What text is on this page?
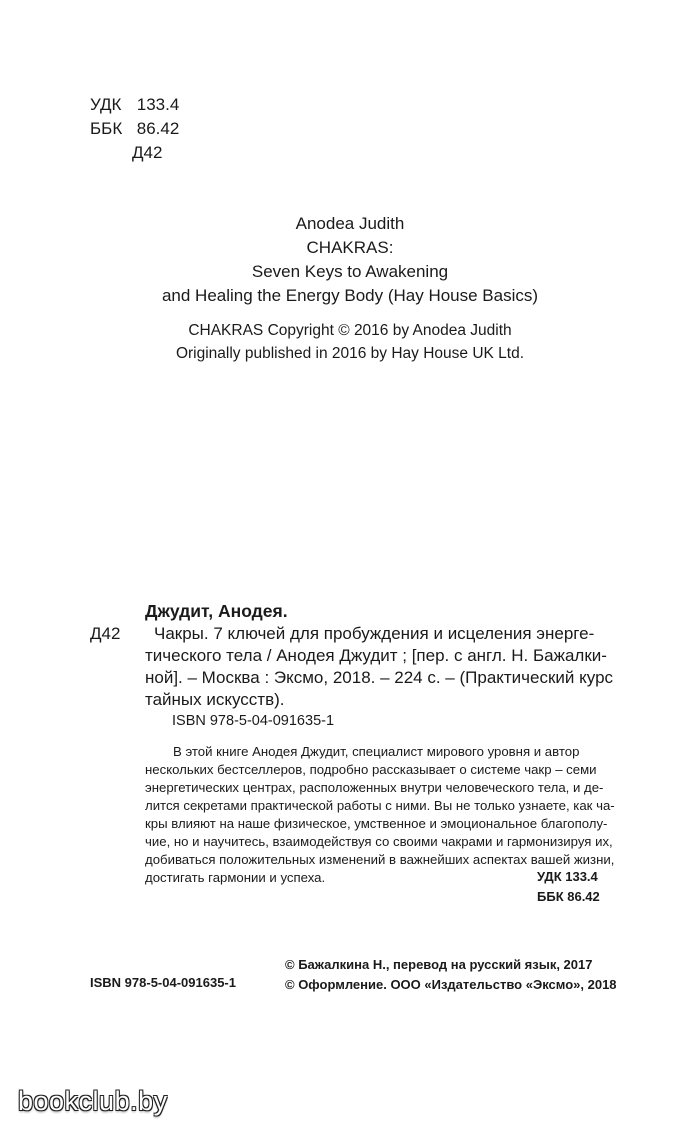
УДК 133.4
ББК 86.42
Д42
Anodea Judith
CHAKRAS:
Seven Keys to Awakening
and Healing the Energy Body (Hay House Basics)
CHAKRAS Copyright © 2016 by Anodea Judith
Originally published in 2016 by Hay House UK Ltd.
Д42
Джудит, Анодея.
Чакры. 7 ключей для пробуждения и исцеления энерге-
тического тела / Анодея Джудит ; [пер. с англ. Н. Бажалки-
ной]. – Москва : Эксмо, 2018. – 224 с. – (Практический курс
тайных искусств).
ISBN 978-5-04-091635-1

В этой книге Анодея Джудит, специалист мирового уровня и автор

нескольких бестселлеров, подробно рассказывает о системе чакр – семи

энергетических центрах, расположенных внутри человеческого тела, и де-

лится секретами практической работы с ними. Вы не только узнаете, как ча-

кры влияют на наше физическое, умственное и эмоциональное благополу-

чие, но и научитесь, взаимодействуя со своими чакрами и гармонизируя их,

добиваться положительных изменений в важнейших аспектах вашей жизни,

достигать гармонии и успеха.	УДК 133.4
ББК 86.42
© Бажалкина Н., перевод на русский язык, 2017
© Оформление. ООО «Издательство «Эксмо», 2018
ISBN 978-5-04-091635-1
bookclub.by
